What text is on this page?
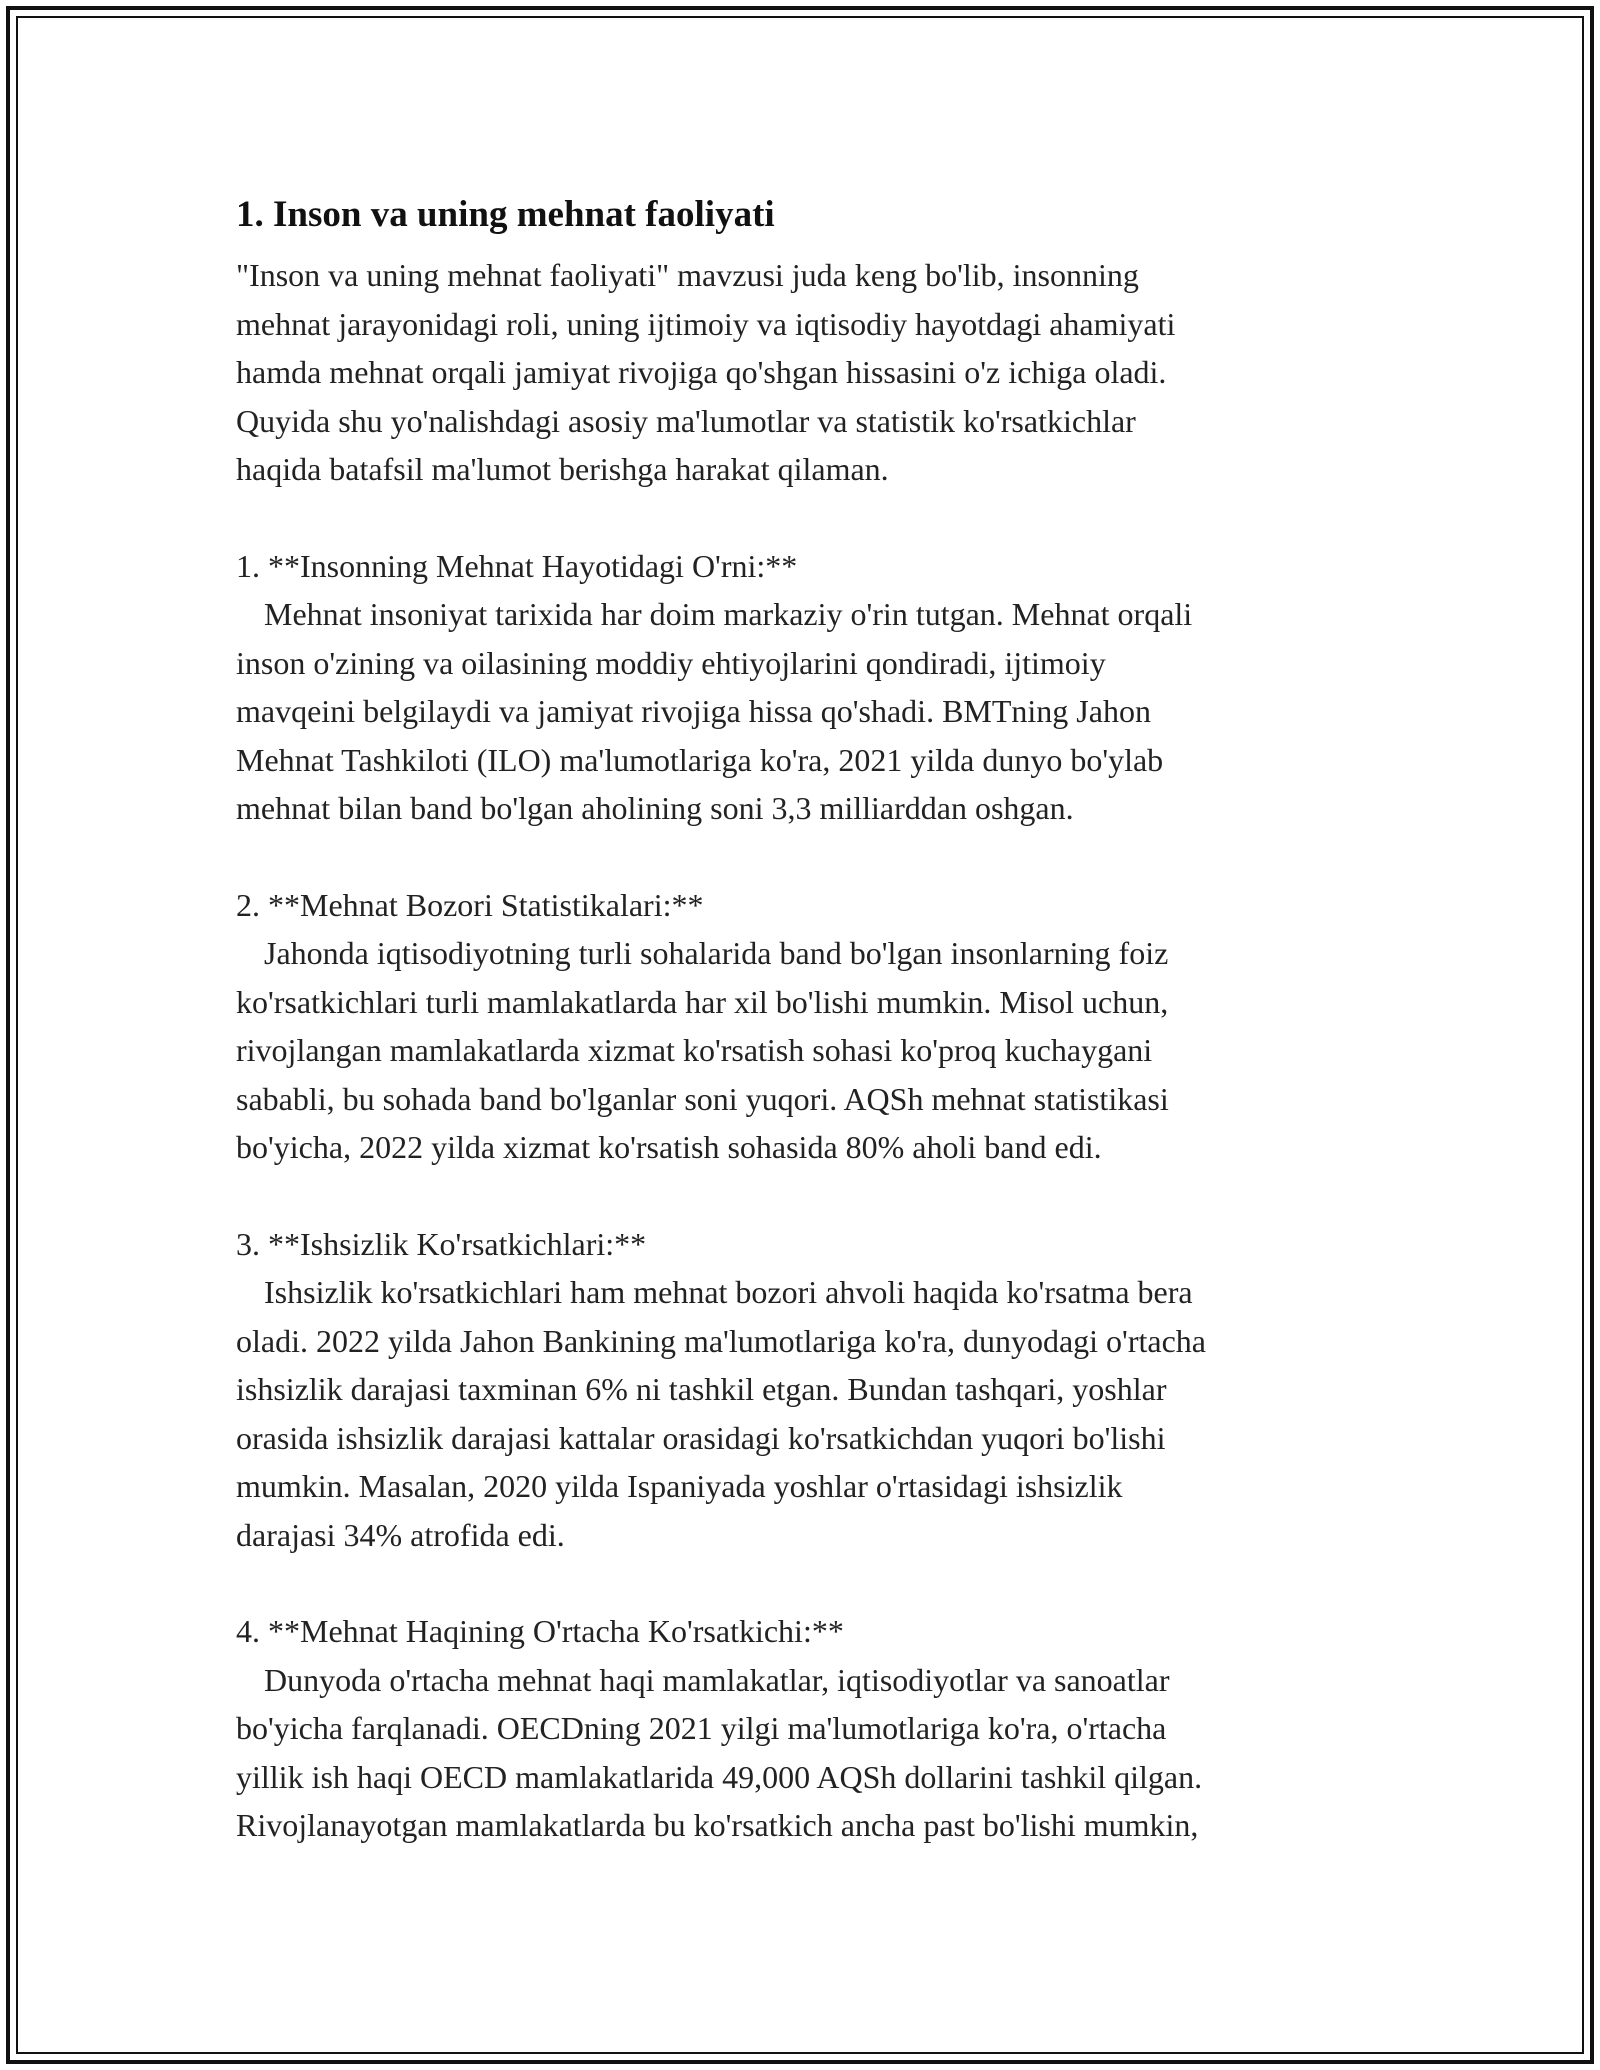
1. Inson va uning mehnat faoliyati
"Inson va uning mehnat faoliyati" mavzusi juda keng bo'lib, insonning
mehnat jarayonidagi roli, uning ijtimoiy va iqtisodiy hayotdagi ahamiyati
hamda mehnat orqali jamiyat rivojiga qo'shgan hissasini o'z ichiga oladi.
Quyida shu yo'nalishdagi asosiy ma'lumotlar va statistik ko'rsatkichlar
haqida batafsil ma'lumot berishga harakat qilaman.
1. **Insonning Mehnat Hayotidagi O'rni:**
Mehnat insoniyat tarixida har doim markaziy o'rin tutgan. Mehnat orqali
inson o'zining va oilasining moddiy ehtiyojlarini qondiradi, ijtimoiy
mavqeini belgilaydi va jamiyat rivojiga hissa qo'shadi. BMTning Jahon
Mehnat Tashkiloti (ILO) ma'lumotlariga ko'ra, 2021 yilda dunyo bo'ylab
mehnat bilan band bo'lgan aholining soni 3,3 milliarddan oshgan.
2. **Mehnat Bozori Statistikalari:**
Jahonda iqtisodiyotning turli sohalarida band bo'lgan insonlarning foiz
ko'rsatkichlari turli mamlakatlarda har xil bo'lishi mumkin. Misol uchun,
rivojlangan mamlakatlarda xizmat ko'rsatish sohasi ko'proq kuchaygani
sababli, bu sohada band bo'lganlar soni yuqori. AQSh mehnat statistikasi
bo'yicha, 2022 yilda xizmat ko'rsatish sohasida 80% aholi band edi.
3. **Ishsizlik Ko'rsatkichlari:**
Ishsizlik ko'rsatkichlari ham mehnat bozori ahvoli haqida ko'rsatma bera
oladi. 2022 yilda Jahon Bankining ma'lumotlariga ko'ra, dunyodagi o'rtacha
ishsizlik darajasi taxminan 6% ni tashkil etgan. Bundan tashqari, yoshlar
orasida ishsizlik darajasi kattalar orasidagi ko'rsatkichdan yuqori bo'lishi
mumkin. Masalan, 2020 yilda Ispaniyada yoshlar o'rtasidagi ishsizlik
darajasi 34% atrofida edi.
4. **Mehnat Haqining O'rtacha Ko'rsatkichi:**
Dunyoda o'rtacha mehnat haqi mamlakatlar, iqtisodiyotlar va sanoatlar
bo'yicha farqlanadi. OECDning 2021 yilgi ma'lumotlariga ko'ra, o'rtacha
yillik ish haqi OECD mamlakatlarida 49,000 AQSh dollarini tashkil qilgan.
Rivojlanayotgan mamlakatlarda bu ko'rsatkich ancha past bo'lishi mumkin,
